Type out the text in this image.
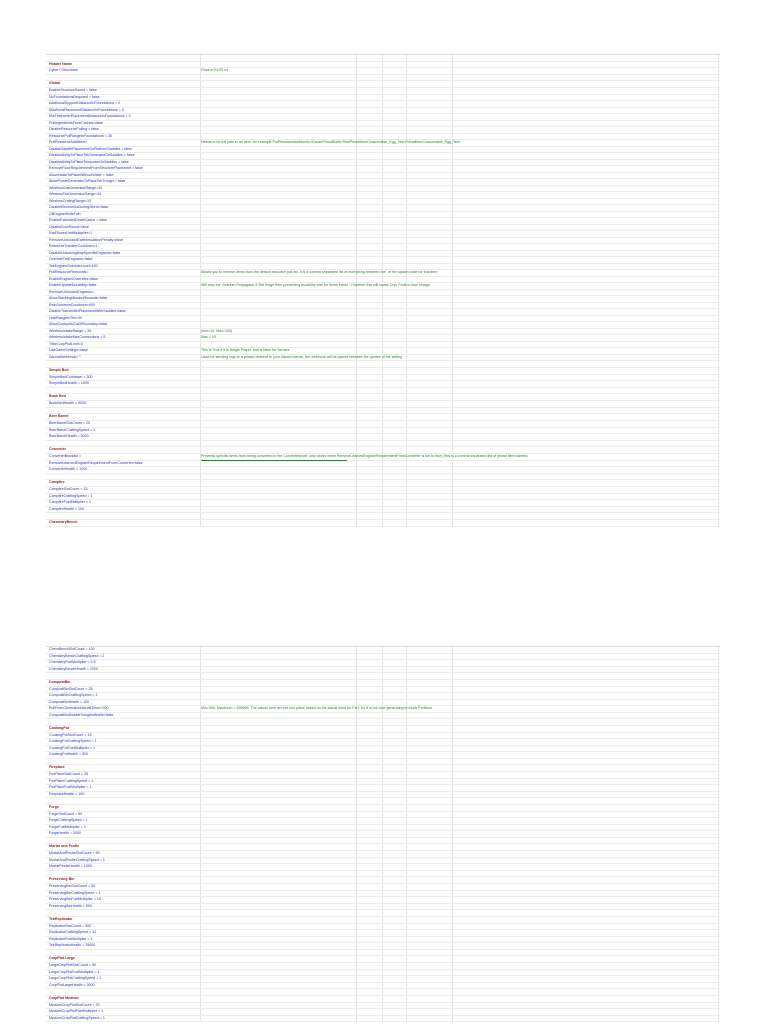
Header Name
CyberJ Structures	Goes in ExVS Ini
Global
EnableStructureSound = false
NoFoundationsRequired = false
AdditionalSupportDistanceInFoundations = 0
MinWorldPlacementDistanceInFoundations = 0
MinTeleporterPlacementDistanceInFoundations = 0
PullIngredientsFromCaches=false
DisableResourcePulling = false
ResourcePullRangeInFoundations = 35
PullResourceAdditions=	Needs to be full path to an item, for example PullResourceAdditions=/Game/PrimalEarth/Test/PrimalItemConsumable_Egg_Test.PrimalItemConsumable_Egg_Test
DisableSaddlePlacementOnPlatformSaddles = false
DisableAbilityToPlaceTekGeneratorOnSaddles = false
DisableAbilityToPlaceTeleporterOnSaddles = false
RemoveFloorRequirementFromStructurePlacement = false
AllowIntakeToPlaceWithoutWater = false
AllowPowerGeneratorToPlaceTekTrough = false
WirelessGasGeneratorRange=10
WirelessTekGeneratorRange=34
WirelessCrafingRange=10
DisableElectronicsDuringStorm=false
OilEngineWhileFull=
EnableExtendedDeathCache = false
DisableDoorSound=false
RadiTowerLimitMultiplier=1
RemoveUnlockedEarthInsulationPenalty=false
ResourceTransferCooldown=1
DisableUnlockingMapSpecificEngrams=false
OverrideTekEngrams=false
TekEngramOverrideLevel=100
PullResourceRemovals=	Allows you to remove items from the default resource pull list. It is a comma separated list of everything between the ' of the spawn code for that item.
EnableEngramOverrides=false
EnableUpdateDurability=false	Will stop the Vivarium Propagator & Ref fridge from preventing durability loss for items inside - However this will cause Cryo Pods to lose charge.
RemoveUnlockedEngrams=
AllowStackingMissionRewards=false
ReinSummonCooldown=600
DisableTransmitterPlacementWithSaddles=false
HoldRangeInTier=40
AllowCookpotsOutOfBoundary=false
WirelessIntakeRange = 30	(min=10, Max=100)
WirelessIntakeMaxConnections = 5	Max = 15
TribeCropPlotLimit=0
UseGameSettings=false	This is True if it is Single Player, and is false for Servers
DiscordWebhook=""	Used for sending logs to a private channel in your discord server, the webhook will be placed between the quotes of the setting
Simple Bed
SimpleBedCooldown = 300
SimpleBedHealth = 1000
Bunk Bed
BunkBedHealth = 5000
Beer Barrel
BeerBarrelSlotCount = 25
BeerBarrelCraftingSpeed = 1
BeerBarrelHealth = 5000
Converter
ConverterBlacklist =	Prevents specific items from being converted in the Converter(note: only works when RemoveLearnedEngramRequirementFromConverter is set to true) (this is a comma separated list of primal item names)
RemoveLearnedEngramRequirementFromConverter=false
ConverterHealth = 1000
Campfire
CampfireSlotCount = 15
CampfireCraftingSpeed = 1
CampfireFuelMultiplier = 1
CampfireHealth = 100
ChemistryBench
ChemBenchSlotCount = 100
ChemistryBenchCraftingSpeed = 2
ChemistryFuelMultiplier = 0.5
ChemistryBenchHealth = 2000
CompostBin
CompostBinSlotCount = 25
CompostBinCraftingSpeed = 1
CompostBinHealth = 100
PullFromGeneratorIntervalTimer=900	Min=300, Maximum = 999999. The values here are put into place based on the actual need for Fert. So it is not over generating to much Fertilizer
CompostBinDisableSongbirdfertile=false
CookingPot
CookingPotSlotCount = 15
CookingPotCraftingSpeed = 1
CookingPotFuelMultiplier = 1
CookingPotHealth = 500
Fireplace
FirePlaceSlotCount = 25
FirePlaceCraftingSpeed = 1
FirePlaceFuelMultiplier = 1
FireplaceHealth = 100
Forge
ForgeSlotCount = 50
ForgeCraftingSpeed = 1
ForgeFuelMultiplier = 1
ForgeHealth = 2000
Mortar and Pestle
MortarAndPestleSlotCount = 50
MortarAndPestleCraftingSpeed = 1
MortarPestleHealth = 1000
Preserving Bin
PreservingBinSlotCount = 50
PreservingBinCraftingSpeed = 1
PreservingBinFuelMultiplier = 10
PreservingBinHealth = 500
TekReplicator
ReplicatorSlotCount = 500
ReplicatorCraftingSpeed = 12
ReplicatorFuelMultiplier = 1
TekReplicatorHealth = 25000
CropPlot Large
LargeCropPlotSlotCount = 50
LargeCropPlotFuelMultiplier = 1
LargeCropPlotCraftingSpeed = 1
CropPlotLargeHealth = 3000
CropPlot Medium
MediumCropPlotSlotCount = 20
MediumCropPlotFuelMultiplier = 1
MediumCropPlotCraftingSpeed = 1
